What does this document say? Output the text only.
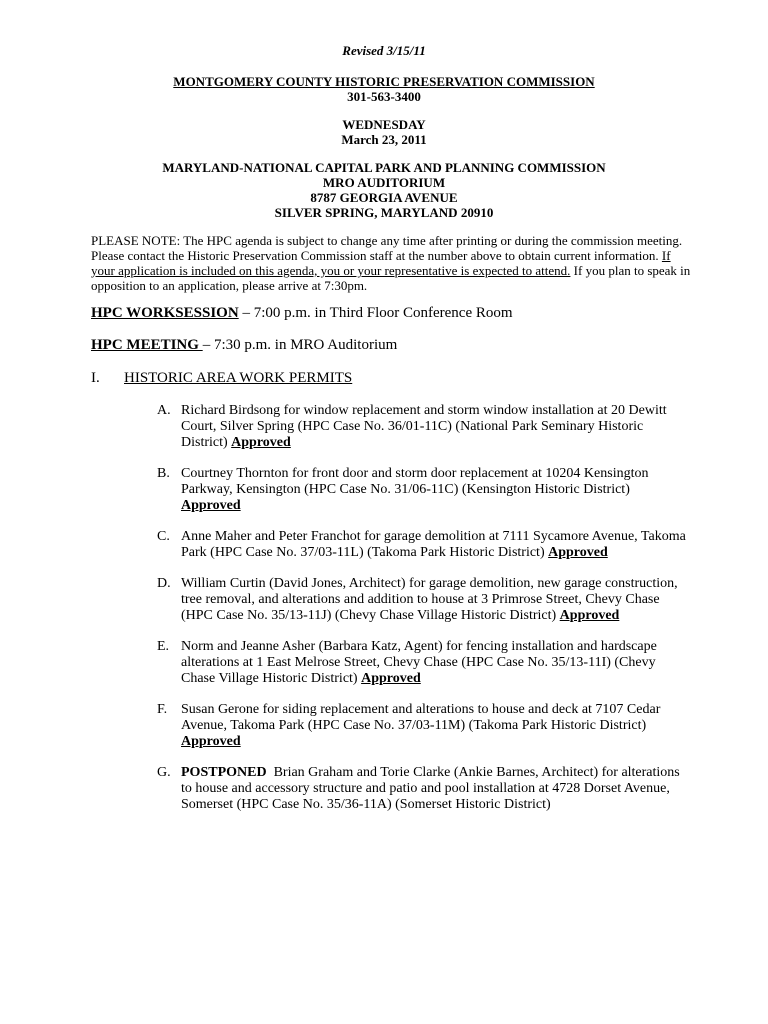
Revised 3/15/11
MONTGOMERY COUNTY HISTORIC PRESERVATION COMMISSION
301-563-3400
WEDNESDAY
March 23, 2011
MARYLAND-NATIONAL CAPITAL PARK AND PLANNING COMMISSION
MRO AUDITORIUM
8787 GEORGIA AVENUE
SILVER SPRING, MARYLAND 20910
PLEASE NOTE: The HPC agenda is subject to change any time after printing or during the commission meeting. Please contact the Historic Preservation Commission staff at the number above to obtain current information. If your application is included on this agenda, you or your representative is expected to attend. If you plan to speak in opposition to an application, please arrive at 7:30pm.
HPC WORKSESSION – 7:00 p.m. in Third Floor Conference Room
HPC MEETING – 7:30 p.m. in MRO Auditorium
I. HISTORIC AREA WORK PERMITS
A. Richard Birdsong for window replacement and storm window installation at 20 Dewitt Court, Silver Spring (HPC Case No. 36/01-11C) (National Park Seminary Historic District) Approved
B. Courtney Thornton for front door and storm door replacement at 10204 Kensington Parkway, Kensington (HPC Case No. 31/06-11C) (Kensington Historic District)
Approved
C. Anne Maher and Peter Franchot for garage demolition at 7111 Sycamore Avenue, Takoma Park (HPC Case No. 37/03-11L) (Takoma Park Historic District) Approved
D. William Curtin (David Jones, Architect) for garage demolition, new garage construction, tree removal, and alterations and addition to house at 3 Primrose Street, Chevy Chase (HPC Case No. 35/13-11J) (Chevy Chase Village Historic District) Approved
E. Norm and Jeanne Asher (Barbara Katz, Agent) for fencing installation and hardscape alterations at 1 East Melrose Street, Chevy Chase (HPC Case No. 35/13-11I) (Chevy Chase Village Historic District) Approved
F. Susan Gerone for siding replacement and alterations to house and deck at 7107 Cedar Avenue, Takoma Park (HPC Case No. 37/03-11M) (Takoma Park Historic District)
Approved
G. POSTPONED  Brian Graham and Torie Clarke (Ankie Barnes, Architect) for alterations to house and accessory structure and patio and pool installation at 4728 Dorset Avenue, Somerset (HPC Case No. 35/36-11A) (Somerset Historic District)
